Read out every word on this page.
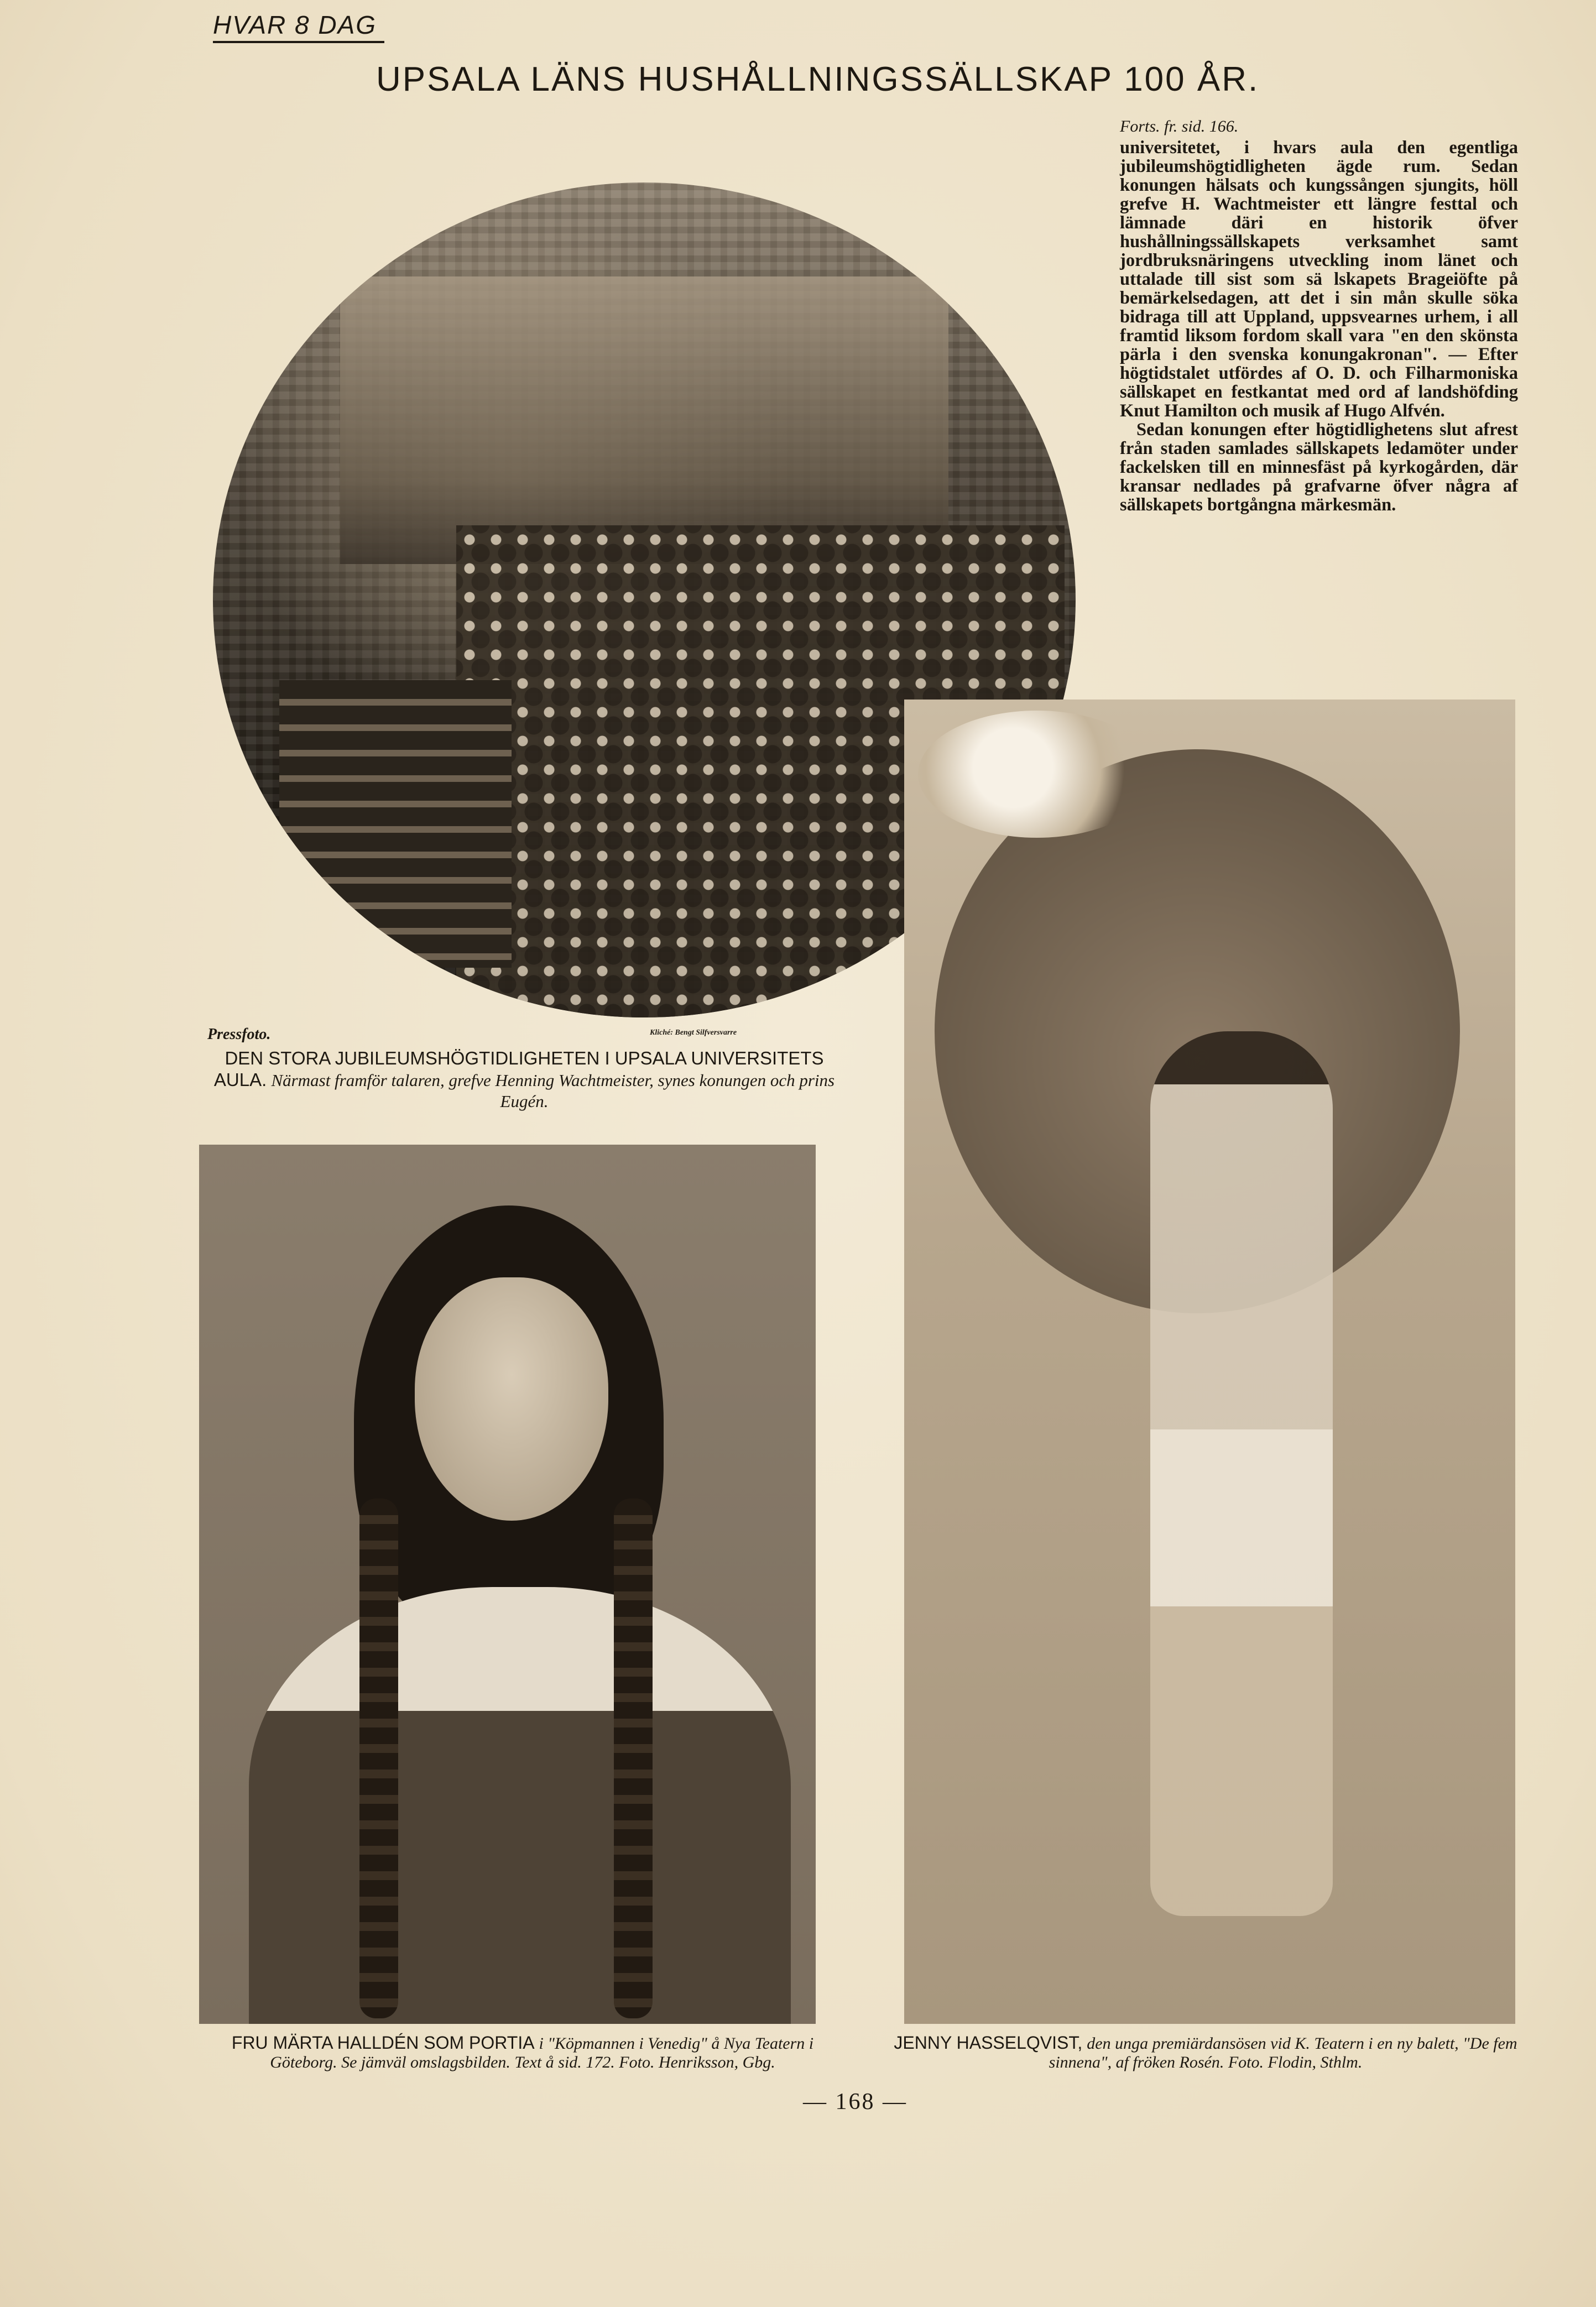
HVAR 8 DAG
UPSALA LÄNS HUSHÅLLNINGSSÄLLSKAP 100 ÅR.
Forts. fr. sid. 166.

universitetet, i hvars aula den egentliga jubileumshögtidligheten ägde rum. Sedan konungen hälsats och kungssången sjungits, höll grefve H. Wachtmeister ett längre festtal och lämnade däri en historik öfver hushållningssällskapets verksamhet samt jordbruksnäringens utveckling inom länet och uttalade till sist som sä lskapets Brageiöfte på bemärkelsedagen, att det i sin mån skulle söka bidraga till att Uppland, uppsvearnes urhem, i all framtid liksom fordom skall vara "en den skönsta pärla i den svenska konungakronan". — Efter högtidstalet utfördes af O. D. och Filharmoniska sällskapet en festkantat med ord af landshöfding Knut Hamilton och musik af Hugo Alfvén.

Sedan konungen efter högtidlighetens slut afrest från staden samlades sällskapets ledamöter under fackelsken till en minnesfäst på kyrkogården, där kransar nedlades på grafvarne öfver några af sällskapets bortgångna märkesmän.

Pressfoto.	Kliché: Bengt Silfversvarre
DEN STORA JUBILEUMSHÖGTIDLIGHETEN I UPSALA UNIVERSITETS AULA. Närmast framför talaren, grefve Henning Wachtmeister, synes konungen och prins Eugén.
FRU MÄRTA HALLDÉN SOM PORTIA i "Köpmannen i Venedig" å Nya Teatern i Göteborg. Se jämväl omslagsbilden. Text å sid. 172. Foto. Henriksson, Gbg.
JENNY HASSELQVIST, den unga premiärdansösen vid K. Teatern i en ny balett, "De fem sinnena", af fröken Rosén. Foto. Flodin, Sthlm.
— 168 —
